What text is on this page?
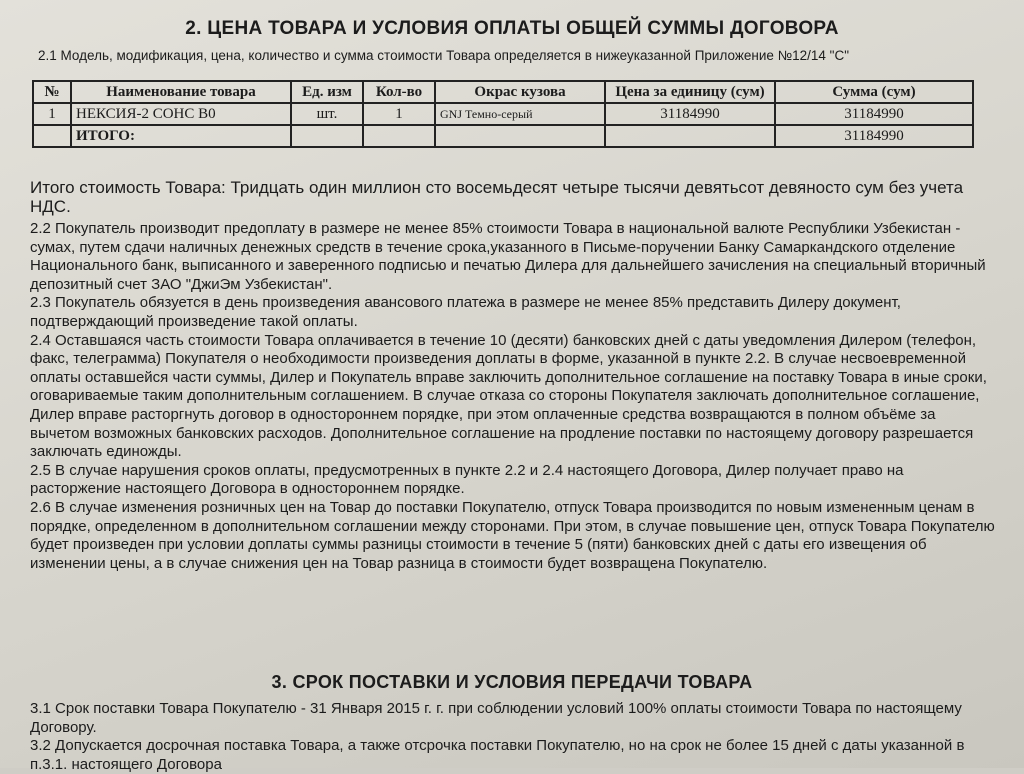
2. ЦЕНА ТОВАРА И УСЛОВИЯ ОПЛАТЫ ОБЩЕЙ СУММЫ ДОГОВОРА
2.1 Модель, модификация, цена, количество и сумма стоимости Товара определяется в нижеуказанной Приложение №12/14 "С"
№	Наименование товара	Ед. изм	Кол-во	Окрас кузова	Цена за единицу (сум)	Сумма (сум)
1	НЕКСИЯ-2 СОНС В0	шт.	1	GNJ Темно-серый	31184990	31184990
	ИТОГО:					31184990
Итого стоимость Товара: Тридцать один миллион сто восемьдесят четыре тысячи девятьсот девяносто сум без учета НДС.

2.2 Покупатель производит предоплату в размере не менее 85% стоимости Товара в национальной валюте Республики Узбекистан - сумах, путем сдачи наличных денежных средств в течение срока,указанного в Письме-поручении Банку Самаркандского отделение Национального банк, выписанного и заверенного подписью и печатью Дилера для дальнейшего зачисления на специальный вторичный депозитный счет ЗАО "ДжиЭм Узбекистан".

2.3 Покупатель обязуется в день произведения авансового платежа в размере не менее 85% представить Дилеру документ, подтверждающий произведение такой оплаты.

2.4 Оставшаяся часть стоимости Товара оплачивается в течение 10 (десяти) банковских дней с даты уведомления Дилером (телефон, факс, телеграмма) Покупателя о необходимости произведения доплаты в форме, указанной в пункте 2.2. В случае несвоевременной оплаты оставшейся части суммы, Дилер и Покупатель вправе заключить дополнительное соглашение на поставку Товара в иные сроки, оговариваемые таким дополнительным соглашением. В случае отказа со стороны Покупателя заключать дополнительное соглашение, Дилер вправе расторгнуть договор в одностороннем порядке, при этом оплаченные средства возвращаются в полном объёме за вычетом возможных банковских расходов. Дополнительное соглашение на продление поставки по настоящему договору разрешается заключать единожды.

2.5 В случае нарушения сроков оплаты, предусмотренных в пункте 2.2 и 2.4 настоящего Договора, Дилер получает право на расторжение настоящего Договора в одностороннем порядке.

2.6 В случае изменения розничных цен на Товар до поставки Покупателю, отпуск Товара производится по новым измененным ценам в порядке, определенном в дополнительном соглашении между сторонами. При этом, в случае повышение цен, отпуск Товара Покупателю будет произведен при условии доплаты суммы разницы стоимости в течение 5 (пяти) банковских дней с даты его извещения об изменении цены, а в случае снижения цен на Товар разница в стоимости будет возвращена Покупателю.

3. СРОК ПОСТАВКИ И УСЛОВИЯ ПЕРЕДАЧИ ТОВАРА

3.1 Срок поставки Товара Покупателю - 31 Января 2015 г. г. при соблюдении условий 100% оплаты стоимости Товара по настоящему Договору.

3.2 Допускается досрочная поставка Товара, а также отсрочка поставки Покупателю, но на срок не более 15 дней с даты указанной в п.3.1. настоящего Договора
